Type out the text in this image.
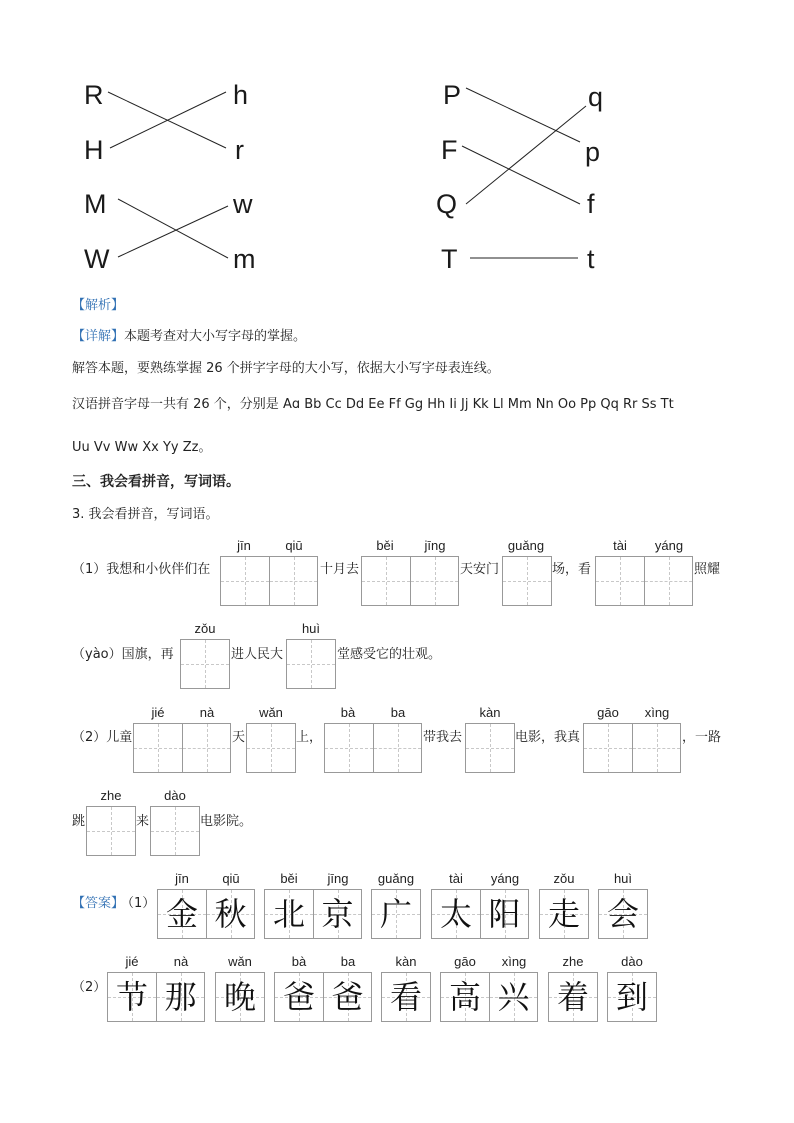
R
H
M
W
h
r
w
m
P
F
Q
T
q
p
f
t
【解析】
【详解】本题考查对大小写字母的掌握。
解答本题，要熟练掌握 26 个拼字字母的大小写，依据大小写字母表连线。
汉语拼音字母一共有 26 个，分别是 Aɑ Bb Cc Dd Ee Ff Gg Hh Ii Jj Kk Ll Mm Nn Oo Pp Qq Rr Ss Tt
Uu Vv Ww Xx Yy Zz。
三、我会看拼音，写词语。
3. 我会看拼音，写词语。
（1）我想和小伙伴们在
jīn	qiū
十月去
běi	jīng
天安门
guǎng
场，看
tài	yáng
照耀
（yào）国旗，再
zǒu
进人民大
huì
堂感受它的壮观。
（2）儿童
jié	nà
天
wǎn
上，
bà	ba
带我去
kàn
电影，我真
gāo	xìng
，一路
跳
zhe
来
dào
电影院。
【答案】
（1）
（2）
jīn	qiū
金 秋
běi	jīng
北 京
guǎng
广
tài	yáng
太 阳
zǒu
走
huì
会
jié	nà
节 那
wǎn
晚
bà	ba
爸 爸
kàn
看
gāo	xìng
高 兴
zhe
着
dào
到
